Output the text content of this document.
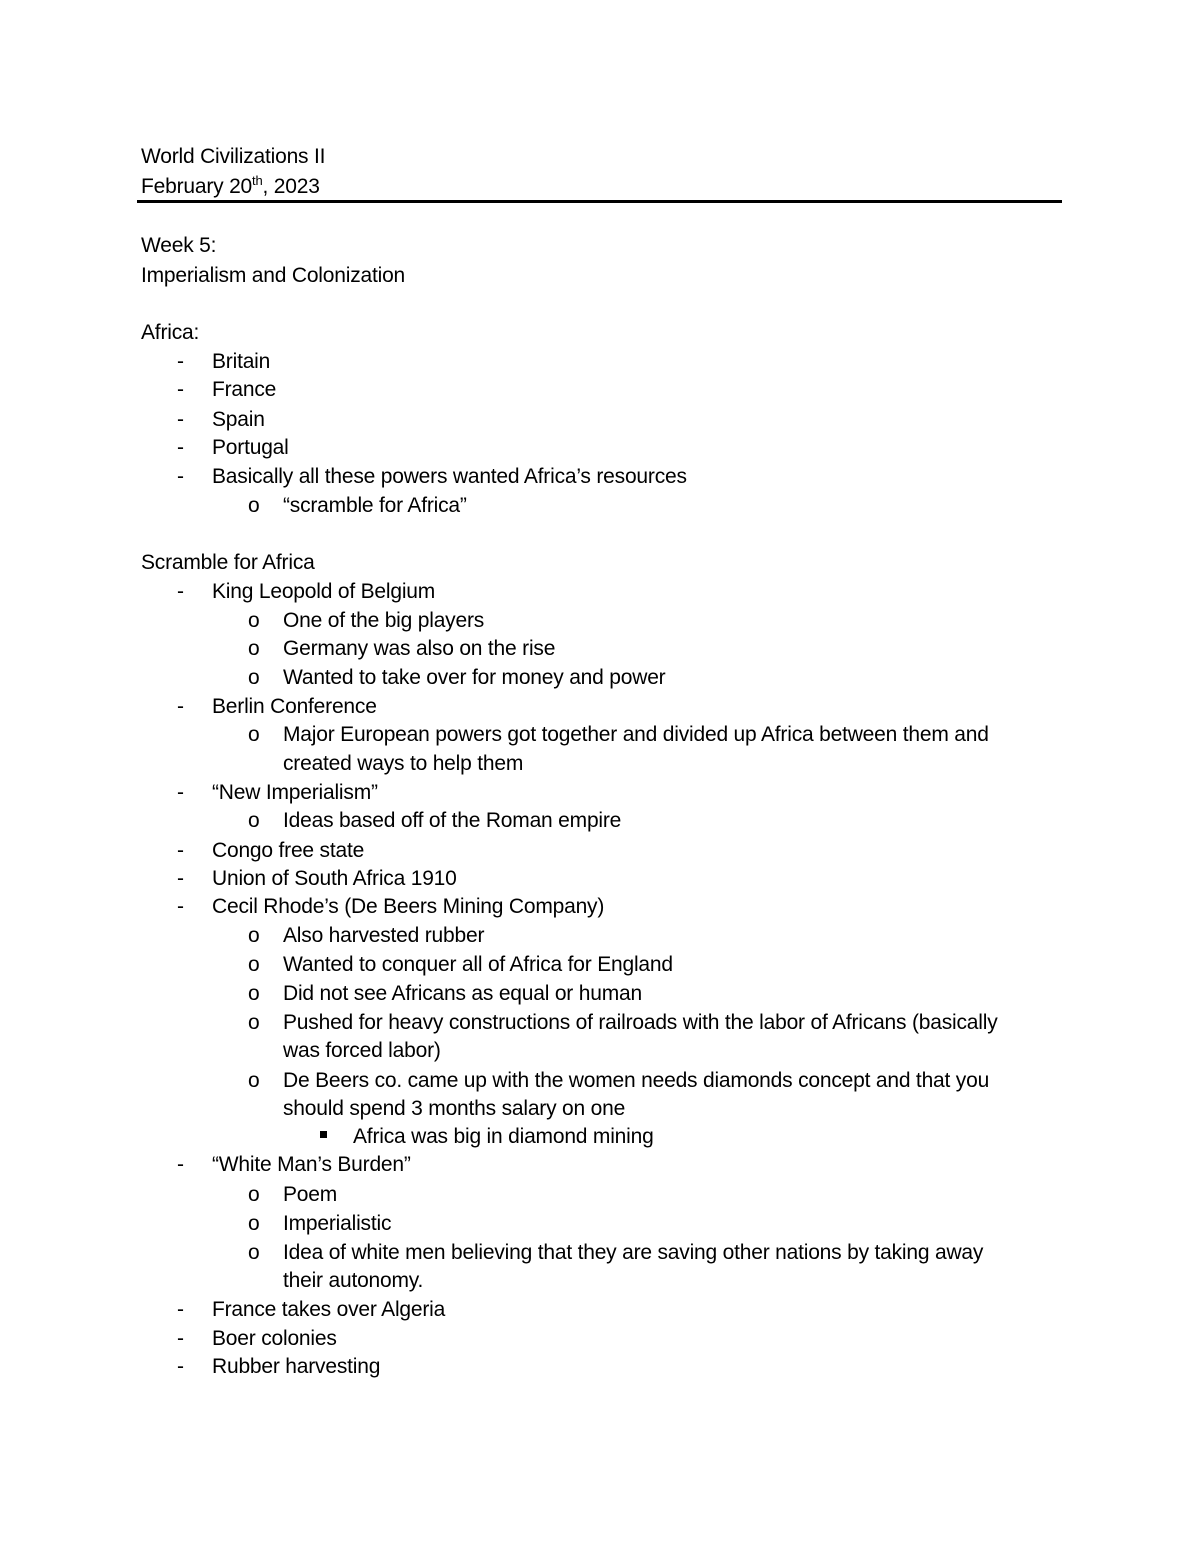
World Civilizations II
February 20th, 2023
Week 5:
Imperialism and Colonization
Africa:
- Britain
- France
- Spain
- Portugal
- Basically all these powers wanted Africa’s resources
o “scramble for Africa”
Scramble for Africa
- King Leopold of Belgium
o One of the big players
o Germany was also on the rise
o Wanted to take over for money and power
- Berlin Conference
o Major European powers got together and divided up Africa between them and
created ways to help them
- “New Imperialism”
o Ideas based off of the Roman empire
- Congo free state
- Union of South Africa 1910
- Cecil Rhode’s (De Beers Mining Company)
o Also harvested rubber
o Wanted to conquer all of Africa for England
o Did not see Africans as equal or human
o Pushed for heavy constructions of railroads with the labor of Africans (basically
was forced labor)
o De Beers co. came up with the women needs diamonds concept and that you
should spend 3 months salary on one
Africa was big in diamond mining
- “White Man’s Burden”
o Poem
o Imperialistic
o Idea of white men believing that they are saving other nations by taking away
their autonomy.
- France takes over Algeria
- Boer colonies
- Rubber harvesting
